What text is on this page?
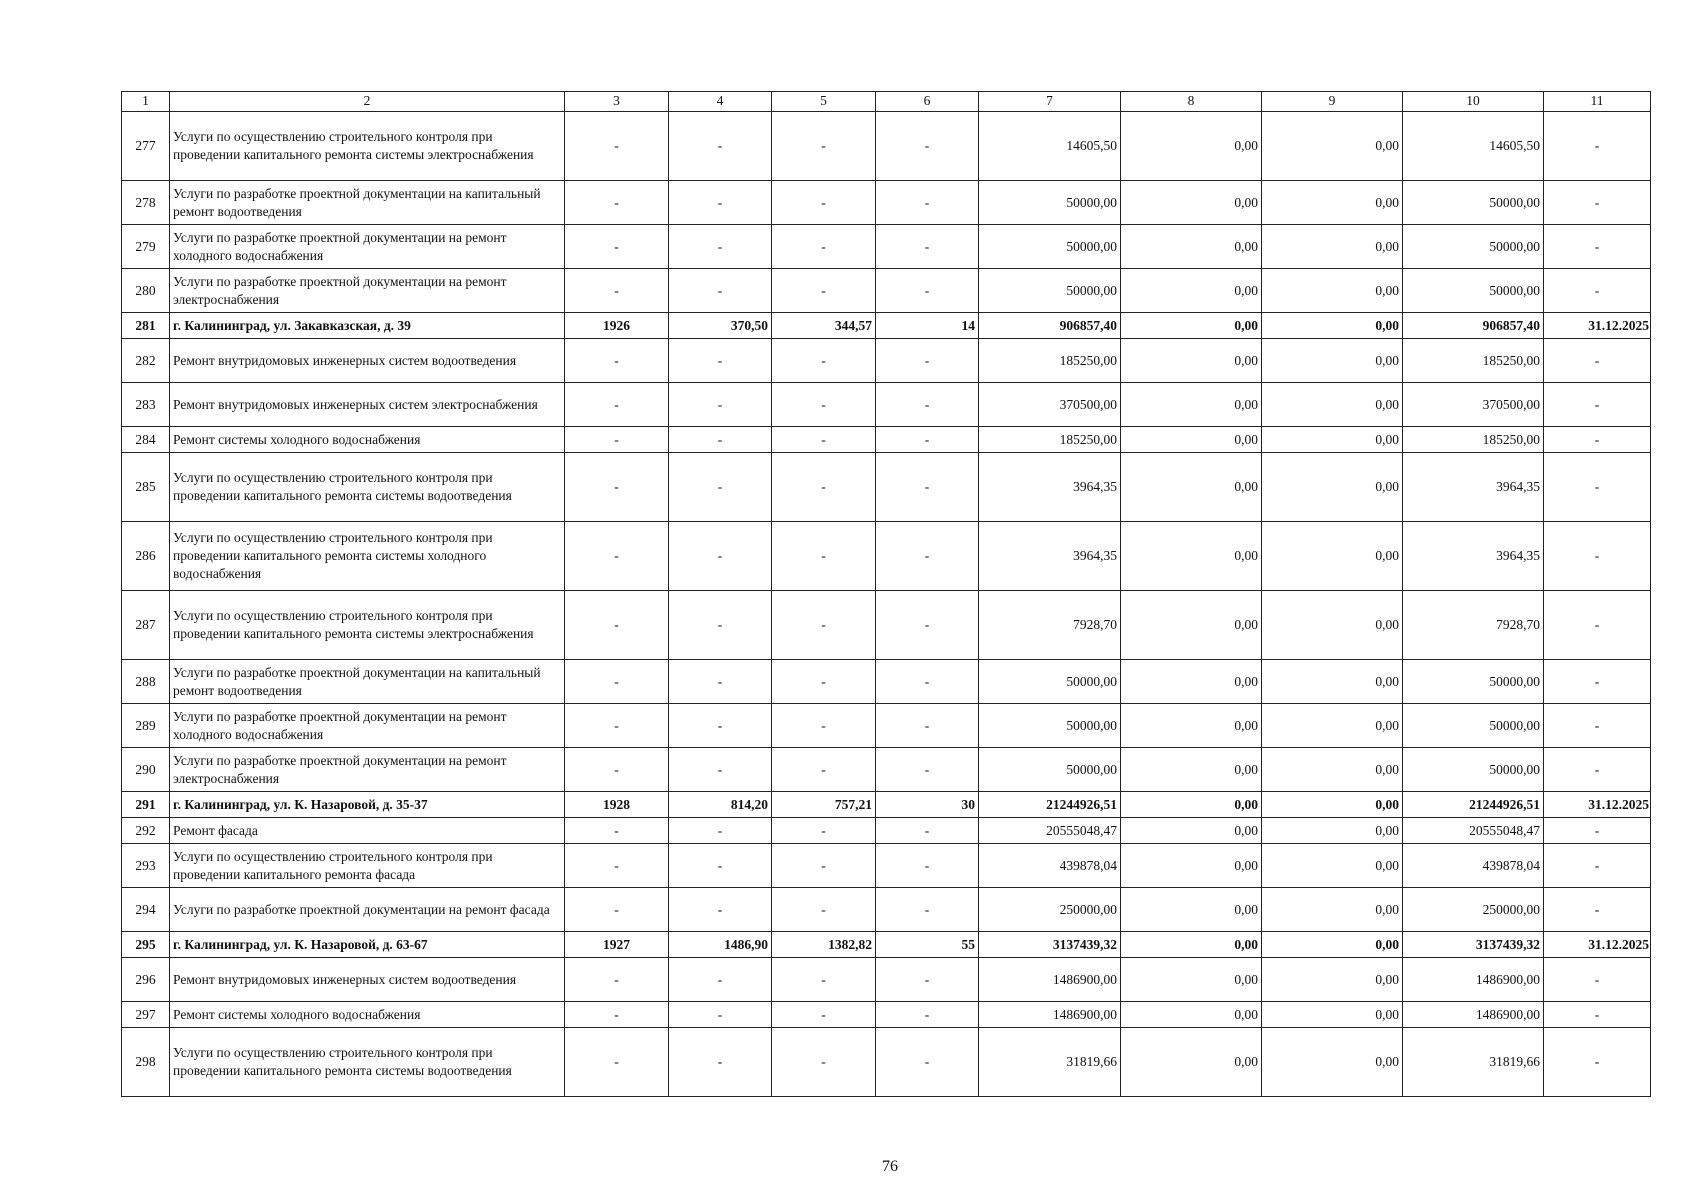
1	2	3	4	5	6	7	8	9	10	11
277	Услуги по осуществлению строительного контроля при проведении капитального ремонта системы электроснабжения	-	-	-	-	14605,50	0,00	0,00	14605,50	-
278	Услуги по разработке проектной документации на капитальный ремонт водоотведения	-	-	-	-	50000,00	0,00	0,00	50000,00	-
279	Услуги по разработке проектной документации на ремонт холодного водоснабжения	-	-	-	-	50000,00	0,00	0,00	50000,00	-
280	Услуги по разработке проектной документации на ремонт электроснабжения	-	-	-	-	50000,00	0,00	0,00	50000,00	-
281	г. Калининград, ул. Закавказская, д. 39	1926	370,50	344,57	14	906857,40	0,00	0,00	906857,40	31.12.2025
282	Ремонт внутридомовых инженерных систем водоотведения	-	-	-	-	185250,00	0,00	0,00	185250,00	-
283	Ремонт внутридомовых инженерных систем электроснабжения	-	-	-	-	370500,00	0,00	0,00	370500,00	-
284	Ремонт системы холодного водоснабжения	-	-	-	-	185250,00	0,00	0,00	185250,00	-
285	Услуги по осуществлению строительного контроля при проведении капитального ремонта системы водоотведения	-	-	-	-	3964,35	0,00	0,00	3964,35	-
286	Услуги по осуществлению строительного контроля при проведении капитального ремонта системы холодного водоснабжения	-	-	-	-	3964,35	0,00	0,00	3964,35	-
287	Услуги по осуществлению строительного контроля при проведении капитального ремонта системы электроснабжения	-	-	-	-	7928,70	0,00	0,00	7928,70	-
288	Услуги по разработке проектной документации на капитальный ремонт водоотведения	-	-	-	-	50000,00	0,00	0,00	50000,00	-
289	Услуги по разработке проектной документации на ремонт холодного водоснабжения	-	-	-	-	50000,00	0,00	0,00	50000,00	-
290	Услуги по разработке проектной документации на ремонт электроснабжения	-	-	-	-	50000,00	0,00	0,00	50000,00	-
291	г. Калининград, ул. К. Назаровой, д. 35-37	1928	814,20	757,21	30	21244926,51	0,00	0,00	21244926,51	31.12.2025
292	Ремонт фасада	-	-	-	-	20555048,47	0,00	0,00	20555048,47	-
293	Услуги по осуществлению строительного контроля при проведении капитального ремонта фасада	-	-	-	-	439878,04	0,00	0,00	439878,04	-
294	Услуги по разработке проектной документации на ремонт фасада	-	-	-	-	250000,00	0,00	0,00	250000,00	-
295	г. Калининград, ул. К. Назаровой, д. 63-67	1927	1486,90	1382,82	55	3137439,32	0,00	0,00	3137439,32	31.12.2025
296	Ремонт внутридомовых инженерных систем водоотведения	-	-	-	-	1486900,00	0,00	0,00	1486900,00	-
297	Ремонт системы холодного водоснабжения	-	-	-	-	1486900,00	0,00	0,00	1486900,00	-
298	Услуги по осуществлению строительного контроля при проведении капитального ремонта системы водоотведения	-	-	-	-	31819,66	0,00	0,00	31819,66	-
76
